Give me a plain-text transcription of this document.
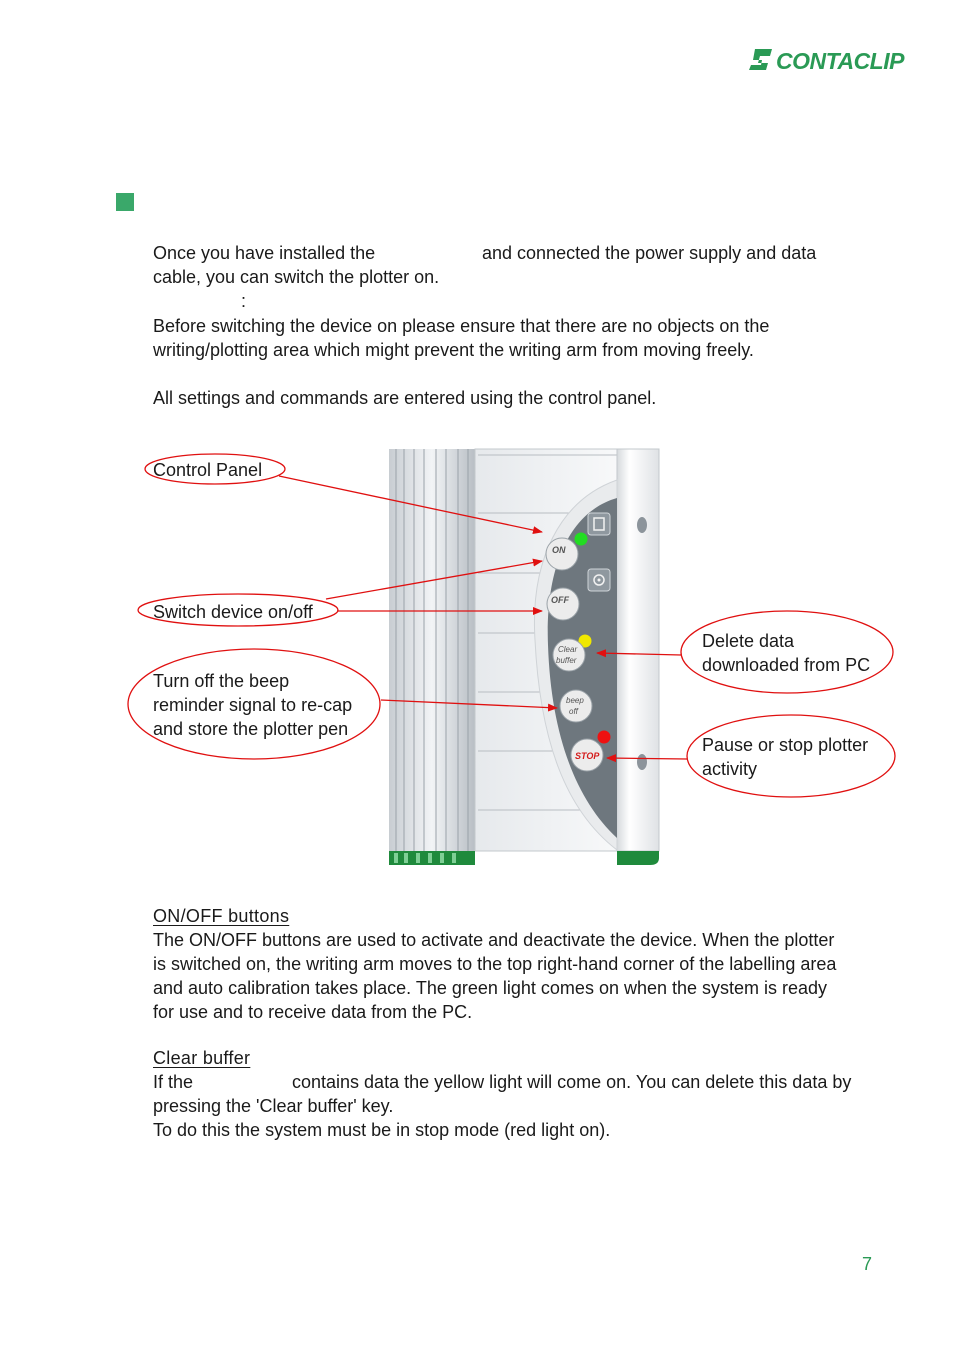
CONTACLIP
Once you have installed the	and connected the power supply and data
cable, you can switch the plotter on.
:
Before switching the device on please ensure that there are no objects on the
writing/plotting area which might prevent the writing arm from moving freely.
All settings and commands are entered using the control panel.
ON
OFF
Clear
buffer
beep
off
STOP
Control Panel
Switch device on/off
Turn off the beep
reminder signal to re-cap
and store the plotter pen
Delete data
downloaded from PC
Pause or stop plotter
activity
ON/OFF buttons
The ON/OFF buttons are used to activate and deactivate the device. When the plotter
is switched on, the writing arm moves to the top right-hand corner of the labelling area
and auto calibration takes place. The green light comes on when the system is ready
for use and to receive data from the PC.
Clear buffer
If the	contains data the yellow light will come on. You can delete this data by
pressing the 'Clear buffer' key.
To do this the system must be in stop mode (red light on).
7
